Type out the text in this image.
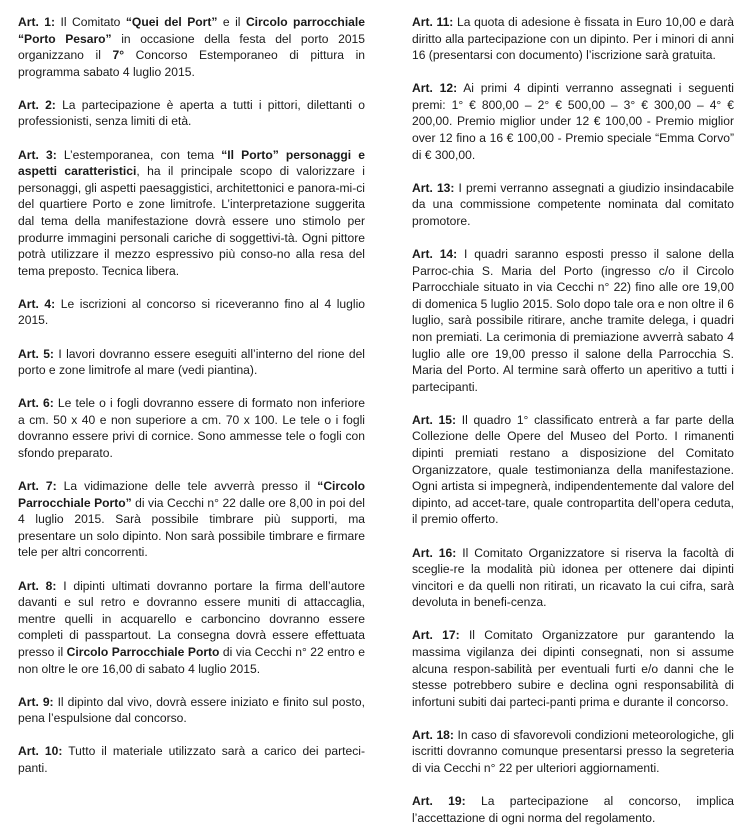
Art. 1: Il Comitato “Quei del Port” e il Circolo parrocchiale “Porto Pesaro” in occasione della festa del porto 2015 organizzano il 7° Concorso Estemporaneo di pittura in programma sabato 4 luglio 2015.

Art. 2: La partecipazione è aperta a tutti i pittori, dilettanti o professionisti, senza limiti di età.

Art. 3: L’estemporanea, con tema “Il Porto” personaggi e aspetti caratteristici, ha il principale scopo di valorizzare i personaggi, gli aspetti paesaggistici, architettonici e panora-mi-ci del quartiere Porto e zone limitrofe. L’interpretazione suggerita dal tema della manifestazione dovrà essere uno stimolo per produrre immagini personali cariche di soggettivi-tà. Ogni pittore potrà utilizzare il mezzo espressivo più conso-no alla resa del tema preposto. Tecnica libera.

Art. 4: Le iscrizioni al concorso si riceveranno fino al 4 luglio 2015.

Art. 5: I lavori dovranno essere eseguiti all’interno del rione del porto e zone limitrofe al mare (vedi piantina).

Art. 6: Le tele o i fogli dovranno essere di formato non inferiore a cm. 50 x 40 e non superiore a cm. 70 x 100. Le tele o i fogli dovranno essere privi di cornice. Sono ammesse tele o fogli con sfondo preparato.

Art. 7: La vidimazione delle tele avverrà presso il “Circolo Parrocchiale Porto” di via Cecchi n° 22 dalle ore 8,00 in poi del 4 luglio 2015. Sarà possibile timbrare più supporti, ma presentare un solo dipinto. Non sarà possibile timbrare e firmare tele per altri concorrenti.

Art. 8: I dipinti ultimati dovranno portare la firma dell’autore davanti e sul retro e dovranno essere muniti di attaccaglia, mentre quelli in acquarello e carboncino dovranno essere completi di passpartout. La consegna dovrà essere effettuata presso il Circolo Parrocchiale Porto di via Cecchi n° 22 entro e non oltre le ore 16,00 di sabato 4 luglio 2015.

Art. 9: Il dipinto dal vivo, dovrà essere iniziato e finito sul posto, pena l’espulsione dal concorso.

Art. 10: Tutto il materiale utilizzato sarà a carico dei parteci-panti.

Art. 11: La quota di adesione è fissata in Euro 10,00 e darà diritto alla partecipazione con un dipinto. Per i minori di anni 16 (presentarsi con documento) l’iscrizione sarà gratuita.

Art. 12: Ai primi 4 dipinti verranno assegnati i seguenti premi: 1° € 800,00 – 2° € 500,00 – 3° € 300,00 – 4° € 200,00. Premio miglior under 12 € 100,00 - Premio miglior over 12 fino a 16 € 100,00 - Premio speciale “Emma Corvo” di € 300,00.

Art. 13: I premi verranno assegnati a giudizio insindacabile da una commissione competente nominata dal comitato promotore.

Art. 14: I quadri saranno esposti presso il salone della Parroc-chia S. Maria del Porto (ingresso c/o il Circolo Parrocchiale situato in via Cecchi n° 22) fino alle ore 19,00 di domenica 5 luglio 2015. Solo dopo tale ora e non oltre il 6 luglio, sarà possibile ritirare, anche tramite delega, i quadri non premiati. La cerimonia di premiazione avverrà sabato 4 luglio alle ore 19,00 presso il salone della Parrocchia S. Maria del Porto. Al termine sarà offerto un aperitivo a tutti i partecipanti.

Art. 15: Il quadro 1° classificato entrerà a far parte della Collezione delle Opere del Museo del Porto. I rimanenti dipinti premiati restano a disposizione del Comitato Organizzatore, quale testimonianza della manifestazione. Ogni artista si impegnerà, indipendentemente dal valore del dipinto, ad accet-tare, quale contropartita dell’opera ceduta, il premio offerto.

Art. 16: Il Comitato Organizzatore si riserva la facoltà di sceglie-re la modalità più idonea per ottenere dai dipinti vincitori e da quelli non ritirati, un ricavato la cui cifra, sarà devoluta in benefi-cenza.

Art. 17: Il Comitato Organizzatore pur garantendo la massima vigilanza dei dipinti consegnati, non si assume alcuna respon-sabilità per eventuali furti e/o danni che le stesse potrebbero subire e declina ogni responsabilità di infortuni subiti dai parteci-panti prima e durante il concorso.

Art. 18: In caso di sfavorevoli condizioni meteorologiche, gli iscritti dovranno comunque presentarsi presso la segreteria di via Cecchi n° 22 per ulteriori aggiornamenti.

Art. 19: La partecipazione al concorso, implica l’accettazione di ogni norma del regolamento.
